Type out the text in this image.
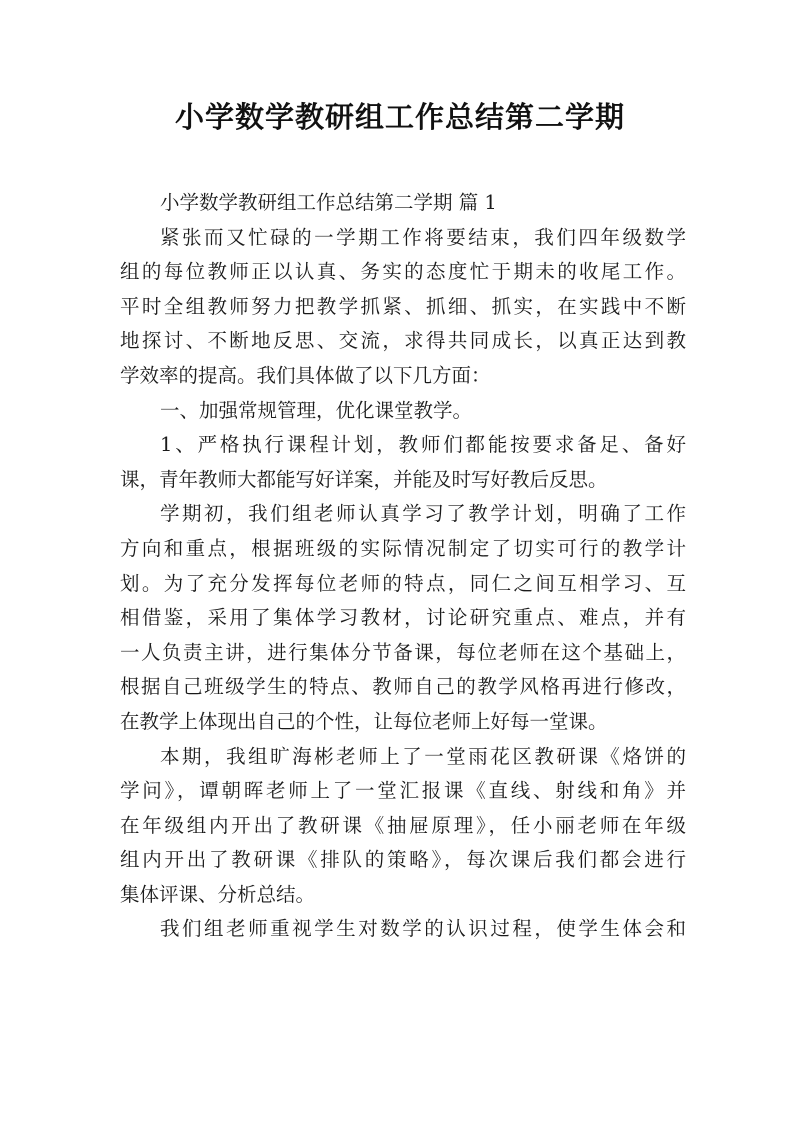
小学数学教研组工作总结第二学期
小学数学教研组工作总结第二学期 篇 1
紧张而又忙碌的一学期工作将要结束，我们四年级数学
组的每位教师正以认真、务实的态度忙于期未的收尾工作。
平时全组教师努力把教学抓紧、抓细、抓实，在实践中不断
地探讨、不断地反思、交流，求得共同成长，以真正达到教
学效率的提高。我们具体做了以下几方面：
一、加强常规管理，优化课堂教学。
1、严格执行课程计划，教师们都能按要求备足、备好
课，青年教师大都能写好详案，并能及时写好教后反思。
学期初，我们组老师认真学习了教学计划，明确了工作
方向和重点，根据班级的实际情况制定了切实可行的教学计
划。为了充分发挥每位老师的特点，同仁之间互相学习、互
相借鉴，采用了集体学习教材，讨论研究重点、难点，并有
一人负责主讲，进行集体分节备课，每位老师在这个基础上，
根据自己班级学生的特点、教师自己的教学风格再进行修改，
在教学上体现出自己的个性，让每位老师上好每一堂课。
本期，我组旷海彬老师上了一堂雨花区教研课《烙饼的
学问》，谭朝晖老师上了一堂汇报课《直线、射线和角》并
在年级组内开出了教研课《抽屉原理》，任小丽老师在年级
组内开出了教研课《排队的策略》，每次课后我们都会进行
集体评课、分析总结。
我们组老师重视学生对数学的认识过程，使学生体会和
